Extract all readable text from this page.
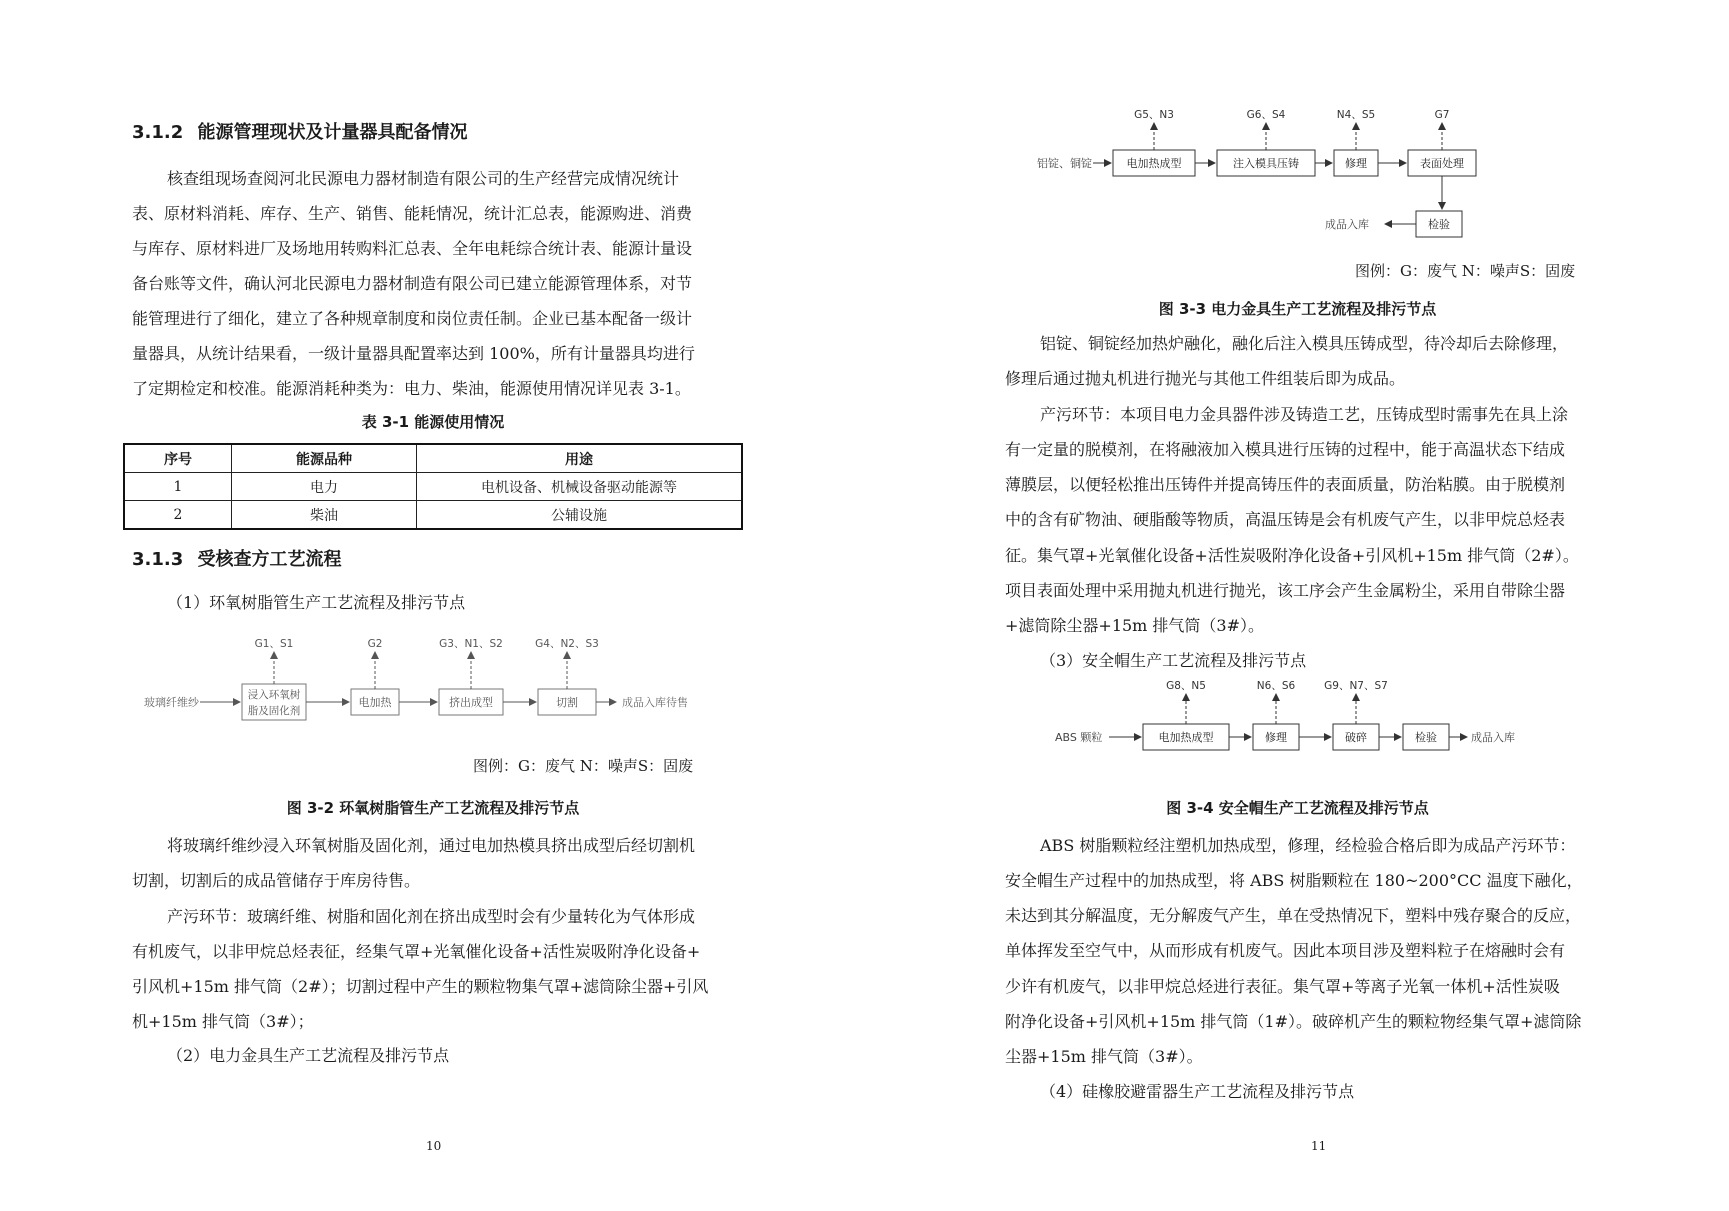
3.1.2 能源管理现状及计量器具配备情况
核查组现场查阅河北民源电力器材制造有限公司的生产经营完成情况统计
表、原材料消耗、库存、生产、销售、能耗情况，统计汇总表，能源购进、消费
与库存、原材料进厂及场地用转购料汇总表、全年电耗综合统计表、能源计量设
备台账等文件，确认河北民源电力器材制造有限公司已建立能源管理体系，对节
能管理进行了细化，建立了各种规章制度和岗位责任制。企业已基本配备一级计
量器具，从统计结果看，一级计量器具配置率达到 100%，所有计量器具均进行
了定期检定和校准。能源消耗种类为：电力、柴油，能源使用情况详见表 3-1。
表 3-1 能源使用情况
序号	能源品种	用途
1	电力	电机设备、机械设备驱动能源等
2	柴油	公辅设施
3.1.3 受核查方工艺流程
（1）环氧树脂管生产工艺流程及排污节点
玻璃纤维纱
浸入环氧树
脂及固化剂
电加热	挤出成型	切割	成品入库待售
G1、S1	G2	G3、N1、S2	G4、N2、S3
图例：G：废气 N：噪声S：固废
图 3-2 环氧树脂管生产工艺流程及排污节点
将玻璃纤维纱浸入环氧树脂及固化剂，通过电加热模具挤出成型后经切割机
切割，切割后的成品管储存于库房待售。
产污环节：玻璃纤维、树脂和固化剂在挤出成型时会有少量转化为气体形成
有机废气，以非甲烷总烃表征，经集气罩+光氧催化设备+活性炭吸附净化设备+
引风机+15m 排气筒（2#）；切割过程中产生的颗粒物集气罩+滤筒除尘器+引风
机+15m 排气筒（3#）；
（2）电力金具生产工艺流程及排污节点
10
铝锭、铜锭	电加热成型	注入模具压铸	修理	表面处理
检验
成品入库
G5、N3	G6、S4	N4、S5	G7
图例：G：废气 N：噪声S：固废
图 3-3 电力金具生产工艺流程及排污节点
铝锭、铜锭经加热炉融化，融化后注入模具压铸成型，待冷却后去除修理，
修理后通过抛丸机进行抛光与其他工件组装后即为成品。
产污环节：本项目电力金具器件涉及铸造工艺，压铸成型时需事先在具上涂
有一定量的脱模剂，在将融液加入模具进行压铸的过程中，能于高温状态下结成
薄膜层，以便轻松推出压铸件并提高铸压件的表面质量，防治粘膜。由于脱模剂
中的含有矿物油、硬脂酸等物质，高温压铸是会有机废气产生，以非甲烷总烃表
征。集气罩+光氧催化设备+活性炭吸附净化设备+引风机+15m 排气筒（2#）。
项目表面处理中采用抛丸机进行抛光，该工序会产生金属粉尘，采用自带除尘器
+滤筒除尘器+15m 排气筒（3#）。
（3）安全帽生产工艺流程及排污节点
ABS 颗粒	电加热成型	修理	破碎	检验	成品入库
G8、N5	N6、S6	G9、N7、S7
图 3-4 安全帽生产工艺流程及排污节点
ABS 树脂颗粒经注塑机加热成型，修理，经检验合格后即为成品产污环节：
安全帽生产过程中的加热成型，将 ABS 树脂颗粒在 180~200°CC 温度下融化，
未达到其分解温度，无分解废气产生，单在受热情况下，塑料中残存聚合的反应，
单体挥发至空气中，从而形成有机废气。因此本项目涉及塑料粒子在熔融时会有
少许有机废气，以非甲烷总烃进行表征。集气罩+等离子光氧一体机+活性炭吸
附净化设备+引风机+15m 排气筒（1#）。破碎机产生的颗粒物经集气罩+滤筒除
尘器+15m 排气筒（3#）。
（4）硅橡胶避雷器生产工艺流程及排污节点
11
